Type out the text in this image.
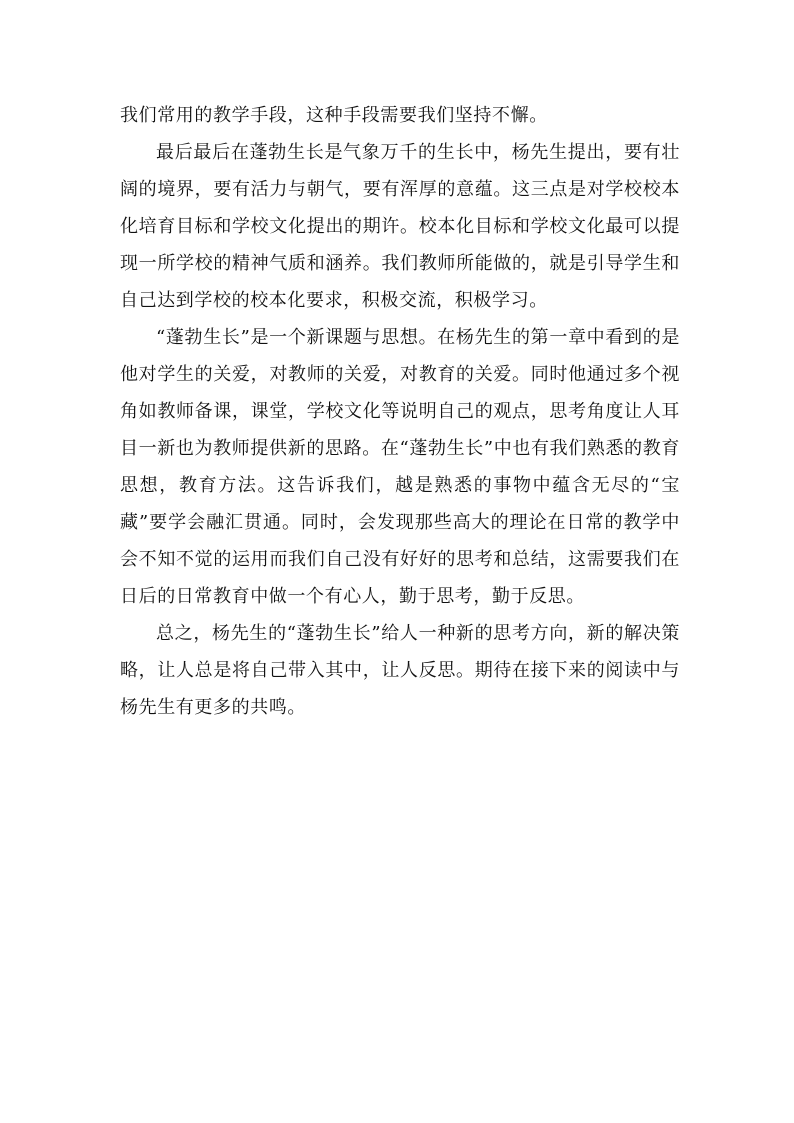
我们常用的教学手段，这种手段需要我们坚持不懈。

最后最后在蓬勃生长是气象万千的生长中，杨先生提出，要有壮阔的境界，要有活力与朝气，要有浑厚的意蕴。这三点是对学校校本化培育目标和学校文化提出的期许。校本化目标和学校文化最可以提现一所学校的精神气质和涵养。我们教师所能做的，就是引导学生和自己达到学校的校本化要求，积极交流，积极学习。

“蓬勃生长”是一个新课题与思想。在杨先生的第一章中看到的是他对学生的关爱，对教师的关爱，对教育的关爱。同时他通过多个视角如教师备课，课堂，学校文化等说明自己的观点，思考角度让人耳目一新也为教师提供新的思路。在“蓬勃生长”中也有我们熟悉的教育思想，教育方法。这告诉我们，越是熟悉的事物中蕴含无尽的“宝藏”要学会融汇贯通。同时，会发现那些高大的理论在日常的教学中会不知不觉的运用而我们自己没有好好的思考和总结，这需要我们在日后的日常教育中做一个有心人，勤于思考，勤于反思。

总之，杨先生的“蓬勃生长”给人一种新的思考方向，新的解决策略，让人总是将自己带入其中，让人反思。期待在接下来的阅读中与杨先生有更多的共鸣。
